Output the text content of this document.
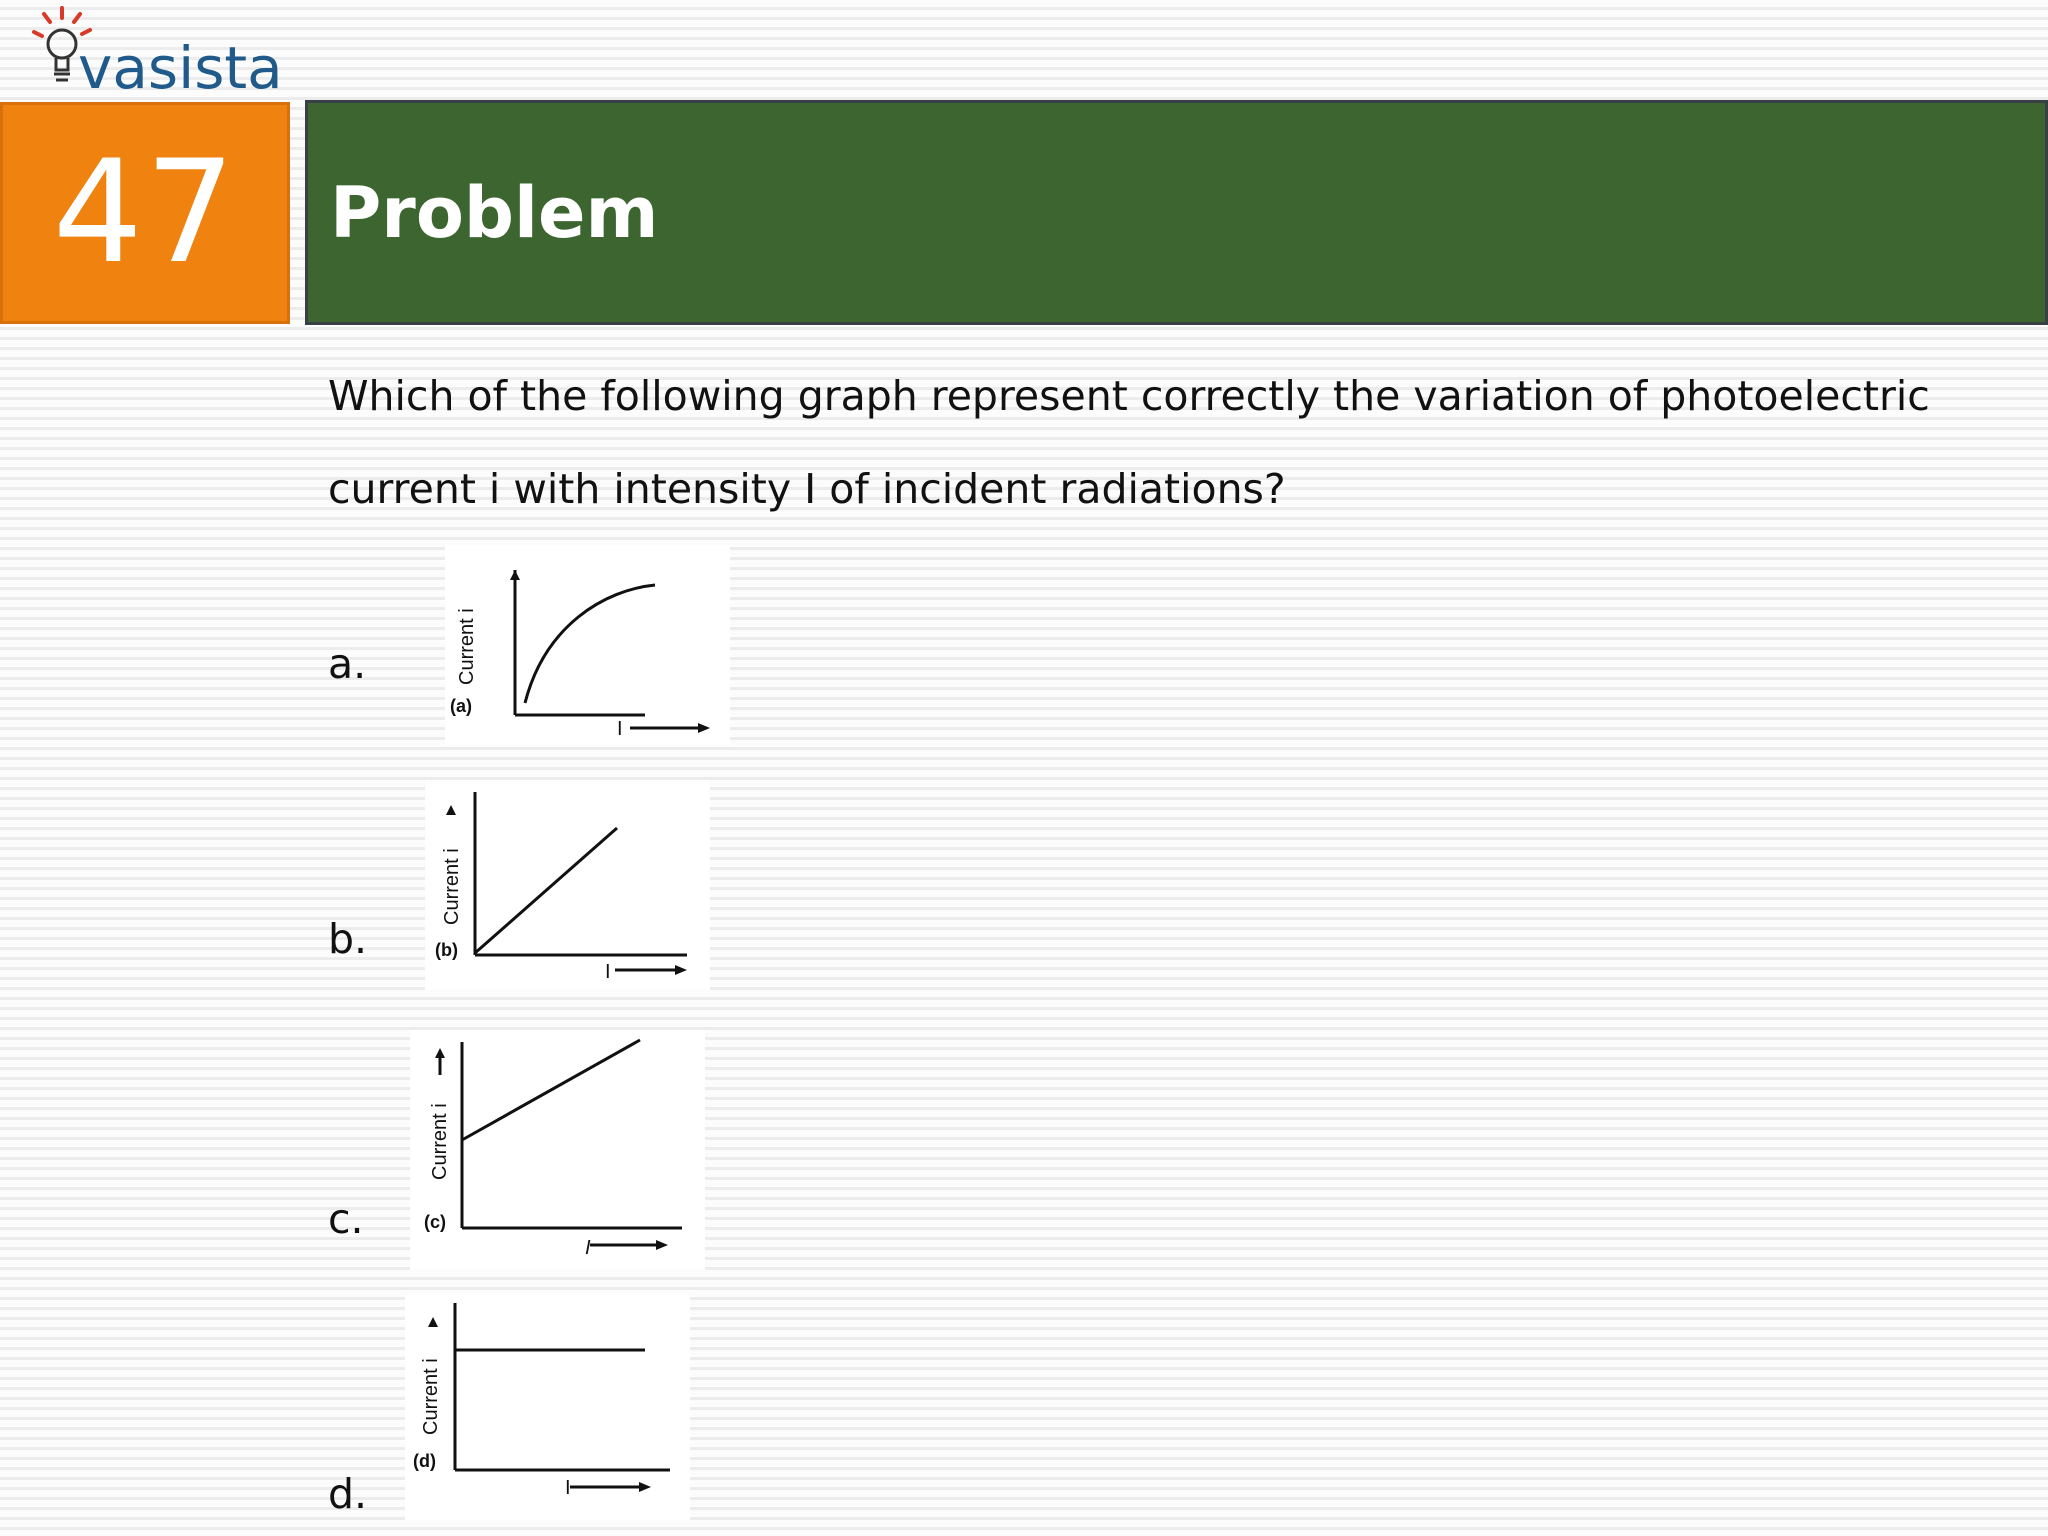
vasista
47 Problem
Which of the following graph represent correctly the variation of photoelectric current i with intensity I of incident radiations?
a.
b.
c.
d.
Current i
(a)
I
Current i
(b)
I
Current i
(c)
I
Current i
(d)
I
